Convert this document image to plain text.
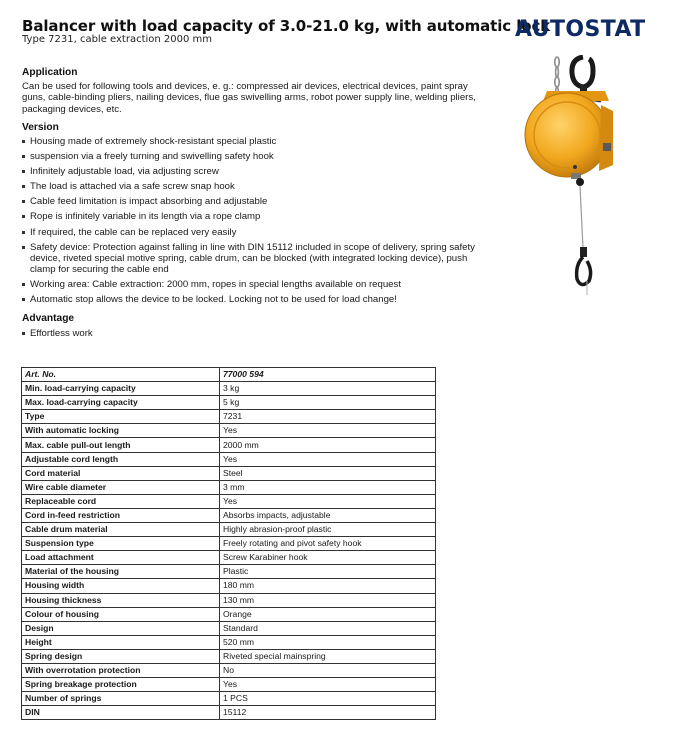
Balancer with load capacity of 3.0-21.0 kg, with automatic lock
Type 7231, cable extraction 2000 mm	AUTOSTAT
Application

Can be used for following tools and devices, e. g.: compressed air devices, electrical devices, paint spray guns, cable-binding pliers, nailing devices, flue gas swivelling arms, robot power supply line, welding pliers, packaging devices, etc.

Version
Housing made of extremely shock-resistant special plastic
suspension via a freely turning and swivelling safety hook
Infinitely adjustable load, via adjusting screw
The load is attached via a safe screw snap hook
Cable feed limitation is impact absorbing and adjustable
Rope is infinitely variable in its length via a rope clamp
If required, the cable can be replaced very easily
Safety device: Protection against falling in line with DIN 15112 included in scope of delivery, spring safety device, riveted special motive spring, cable drum, can be blocked (with integrated locking device), push clamp for securing the cable end
Working area: Cable extraction: 2000 mm, ropes in special lengths available on request
Automatic stop allows the device to be locked. Locking not to be used for load change!
Advantage
Effortless work
Art. No.	77000 594
Min. load-carrying capacity	3 kg
Max. load-carrying capacity	5 kg
Type	7231
With automatic locking	Yes
Max. cable pull-out length	2000 mm
Adjustable cord length	Yes
Cord material	Steel
Wire cable diameter	3 mm
Replaceable cord	Yes
Cord in-feed restriction	Absorbs impacts, adjustable
Cable drum material	Highly abrasion-proof plastic
Suspension type	Freely rotating and pivot safety hook
Load attachment	Screw Karabiner hook
Material of the housing	Plastic
Housing width	180 mm
Housing thickness	130 mm
Colour of housing	Orange
Design	Standard
Height	520 mm
Spring design	Riveted special mainspring
With overrotation protection	No
Spring breakage protection	Yes
Number of springs	1 PCS
DIN	15112
